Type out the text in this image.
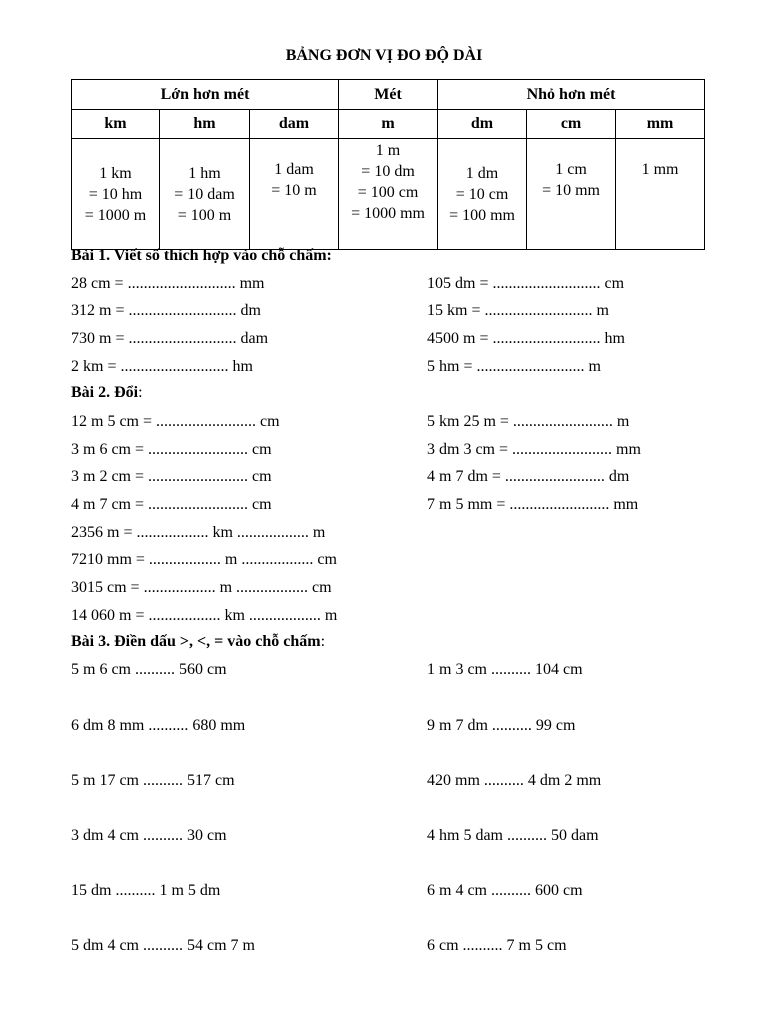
BẢNG ĐƠN VỊ ĐO ĐỘ DÀI
Lớn hơn mét			Mét	Nhỏ hơn mét		
km	hm	dam	m	dm	cm	mm

1 km
= 10 hm
= 1000 m	1 hm
= 10 dam
= 100 m	1 dam
= 10 m	1 m
= 10 dm
= 100 cm
= 1000 mm	1 dm
= 10 cm
= 100 mm	1 cm
= 10 mm	1 mm
Bài 1. Viết số thích hợp vào chỗ chấm:
28 cm = ........................... mm
312 m = ........................... dm
730 m = ........................... dam
2 km = ........................... hm
105 dm = ........................... cm
15 km = ........................... m
4500 m = ........................... hm
5 hm = ........................... m
Bài 2. Đổi:
12 m 5 cm = ......................... cm
3 m 6 cm = ......................... cm
3 m 2 cm = ......................... cm
4 m 7 cm = ......................... cm
2356 m = .................. km .................. m
7210 mm = .................. m .................. cm
3015 cm = .................. m .................. cm
14 060 m = .................. km .................. m
5 km 25 m = ......................... m
3 dm 3 cm = ......................... mm
4 m 7 dm = ......................... dm
7 m 5 mm = ......................... mm
Bài 3. Điền dấu >, <, = vào chỗ chấm:
5 m 6 cm .......... 560 cm
6 dm 8 mm .......... 680 mm
5 m 17 cm .......... 517 cm
3 dm 4 cm .......... 30 cm
15 dm .......... 1 m 5 dm
5 dm 4 cm .......... 54 cm 7 m
1 m 3 cm .......... 104 cm
9 m 7 dm .......... 99 cm
420 mm .......... 4 dm 2 mm
4 hm 5 dam .......... 50 dam
6 m 4 cm .......... 600 cm
6 cm .......... 7 m 5 cm
